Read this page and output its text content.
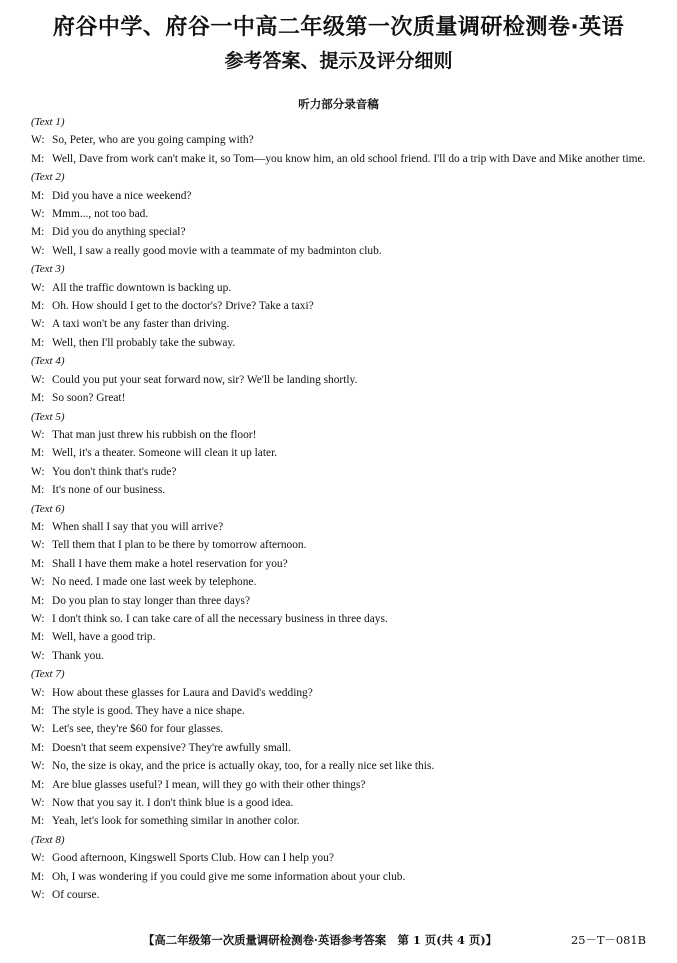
府谷中学、府谷一中高二年级第一次质量调研检测卷·英语
参考答案、提示及评分细则
听力部分录音稿
(Text 1)
W: So, Peter, who are you going camping with?
M: Well, Dave from work can't make it, so Tom—you know him, an old school friend. I'll do a trip with Dave and Mike another time.
(Text 2)
M: Did you have a nice weekend?
W: Mmm..., not too bad.
M: Did you do anything special?
W: Well, I saw a really good movie with a teammate of my badminton club.
(Text 3)
W: All the traffic downtown is backing up.
M: Oh. How should I get to the doctor's? Drive? Take a taxi?
W: A taxi won't be any faster than driving.
M: Well, then I'll probably take the subway.
(Text 4)
W: Could you put your seat forward now, sir? We'll be landing shortly.
M: So soon? Great!
(Text 5)
W: That man just threw his rubbish on the floor!
M: Well, it's a theater. Someone will clean it up later.
W: You don't think that's rude?
M: It's none of our business.
(Text 6)
M: When shall I say that you will arrive?
W: Tell them that I plan to be there by tomorrow afternoon.
M: Shall I have them make a hotel reservation for you?
W: No need. I made one last week by telephone.
M: Do you plan to stay longer than three days?
W: I don't think so. I can take care of all the necessary business in three days.
M: Well, have a good trip.
W: Thank you.
(Text 7)
W: How about these glasses for Laura and David's wedding?
M: The style is good. They have a nice shape.
W: Let's see, they're $60 for four glasses.
M: Doesn't that seem expensive? They're awfully small.
W: No, the size is okay, and the price is actually okay, too, for a really nice set like this.
M: Are blue glasses useful? I mean, will they go with their other things?
W: Now that you say it. I don't think blue is a good idea.
M: Yeah, let's look for something similar in another color.
(Text 8)
W: Good afternoon, Kingswell Sports Club. How can I help you?
M: Oh, I was wondering if you could give me some information about your club.
W: Of course.
【高二年级第一次质量调研检测卷·英语参考答案　第 1 页(共 4 页)】	25－T－081B
